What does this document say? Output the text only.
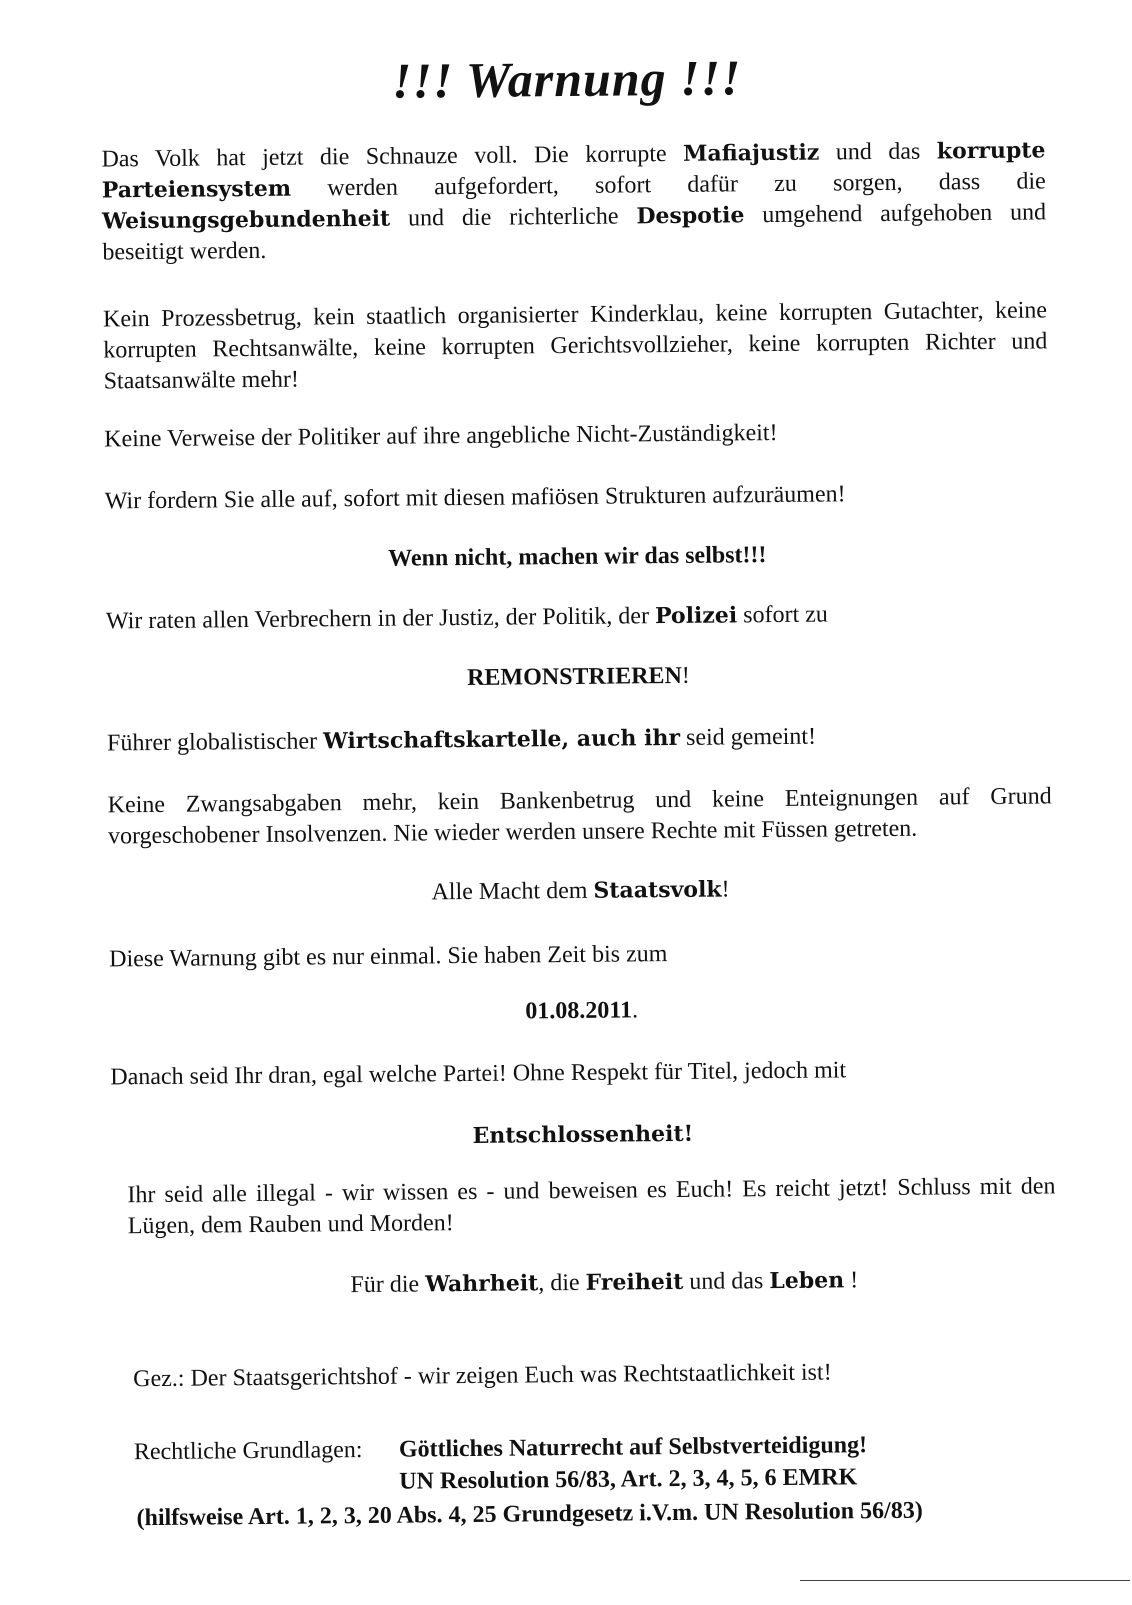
!!! Warnung !!!

Das Volk hat jetzt die Schnauze voll. Die korrupte Mafiajustiz und das korrupte Parteiensystem werden aufgefordert, sofort dafür zu sorgen, dass die Weisungsgebundenheit und die richterliche Despotie umgehend aufgehoben und beseitigt werden.

Kein Prozessbetrug, kein staatlich organisierter Kinderklau, keine korrupten Gutachter, keine korrupten Rechtsanwälte, keine korrupten Gerichtsvollzieher, keine korrupten Richter und Staatsanwälte mehr!

Keine Verweise der Politiker auf ihre angebliche Nicht-Zuständigkeit!

Wir fordern Sie alle auf, sofort mit diesen mafiösen Strukturen aufzuräumen!

Wenn nicht, machen wir das selbst!!!

Wir raten allen Verbrechern in der Justiz, der Politik, der Polizei sofort zu

REMONSTRIEREN!

Führer globalistischer Wirtschaftskartelle, auch ihr seid gemeint!

Keine Zwangsabgaben mehr, kein Bankenbetrug und keine Enteignungen auf Grund vorgeschobener Insolvenzen. Nie wieder werden unsere Rechte mit Füssen getreten.

Alle Macht dem Staatsvolk!

Diese Warnung gibt es nur einmal. Sie haben Zeit bis zum

01.08.2011.

Danach seid Ihr dran, egal welche Partei! Ohne Respekt für Titel, jedoch mit

Entschlossenheit!

Ihr seid alle illegal - wir wissen es - und beweisen es Euch! Es reicht jetzt! Schluss mit den Lügen, dem Rauben und Morden!

Für die Wahrheit, die Freiheit und das Leben !

Gez.: Der Staatsgerichtshof - wir zeigen Euch was Rechtstaatlichkeit ist!

Rechtliche Grundlagen: Göttliches Naturrecht auf Selbstverteidigung!
UN Resolution 56/83, Art. 2, 3, 4, 5, 6 EMRK
(hilfsweise Art. 1, 2, 3, 20 Abs. 4, 25 Grundgesetz i.V.m. UN Resolution 56/83)
